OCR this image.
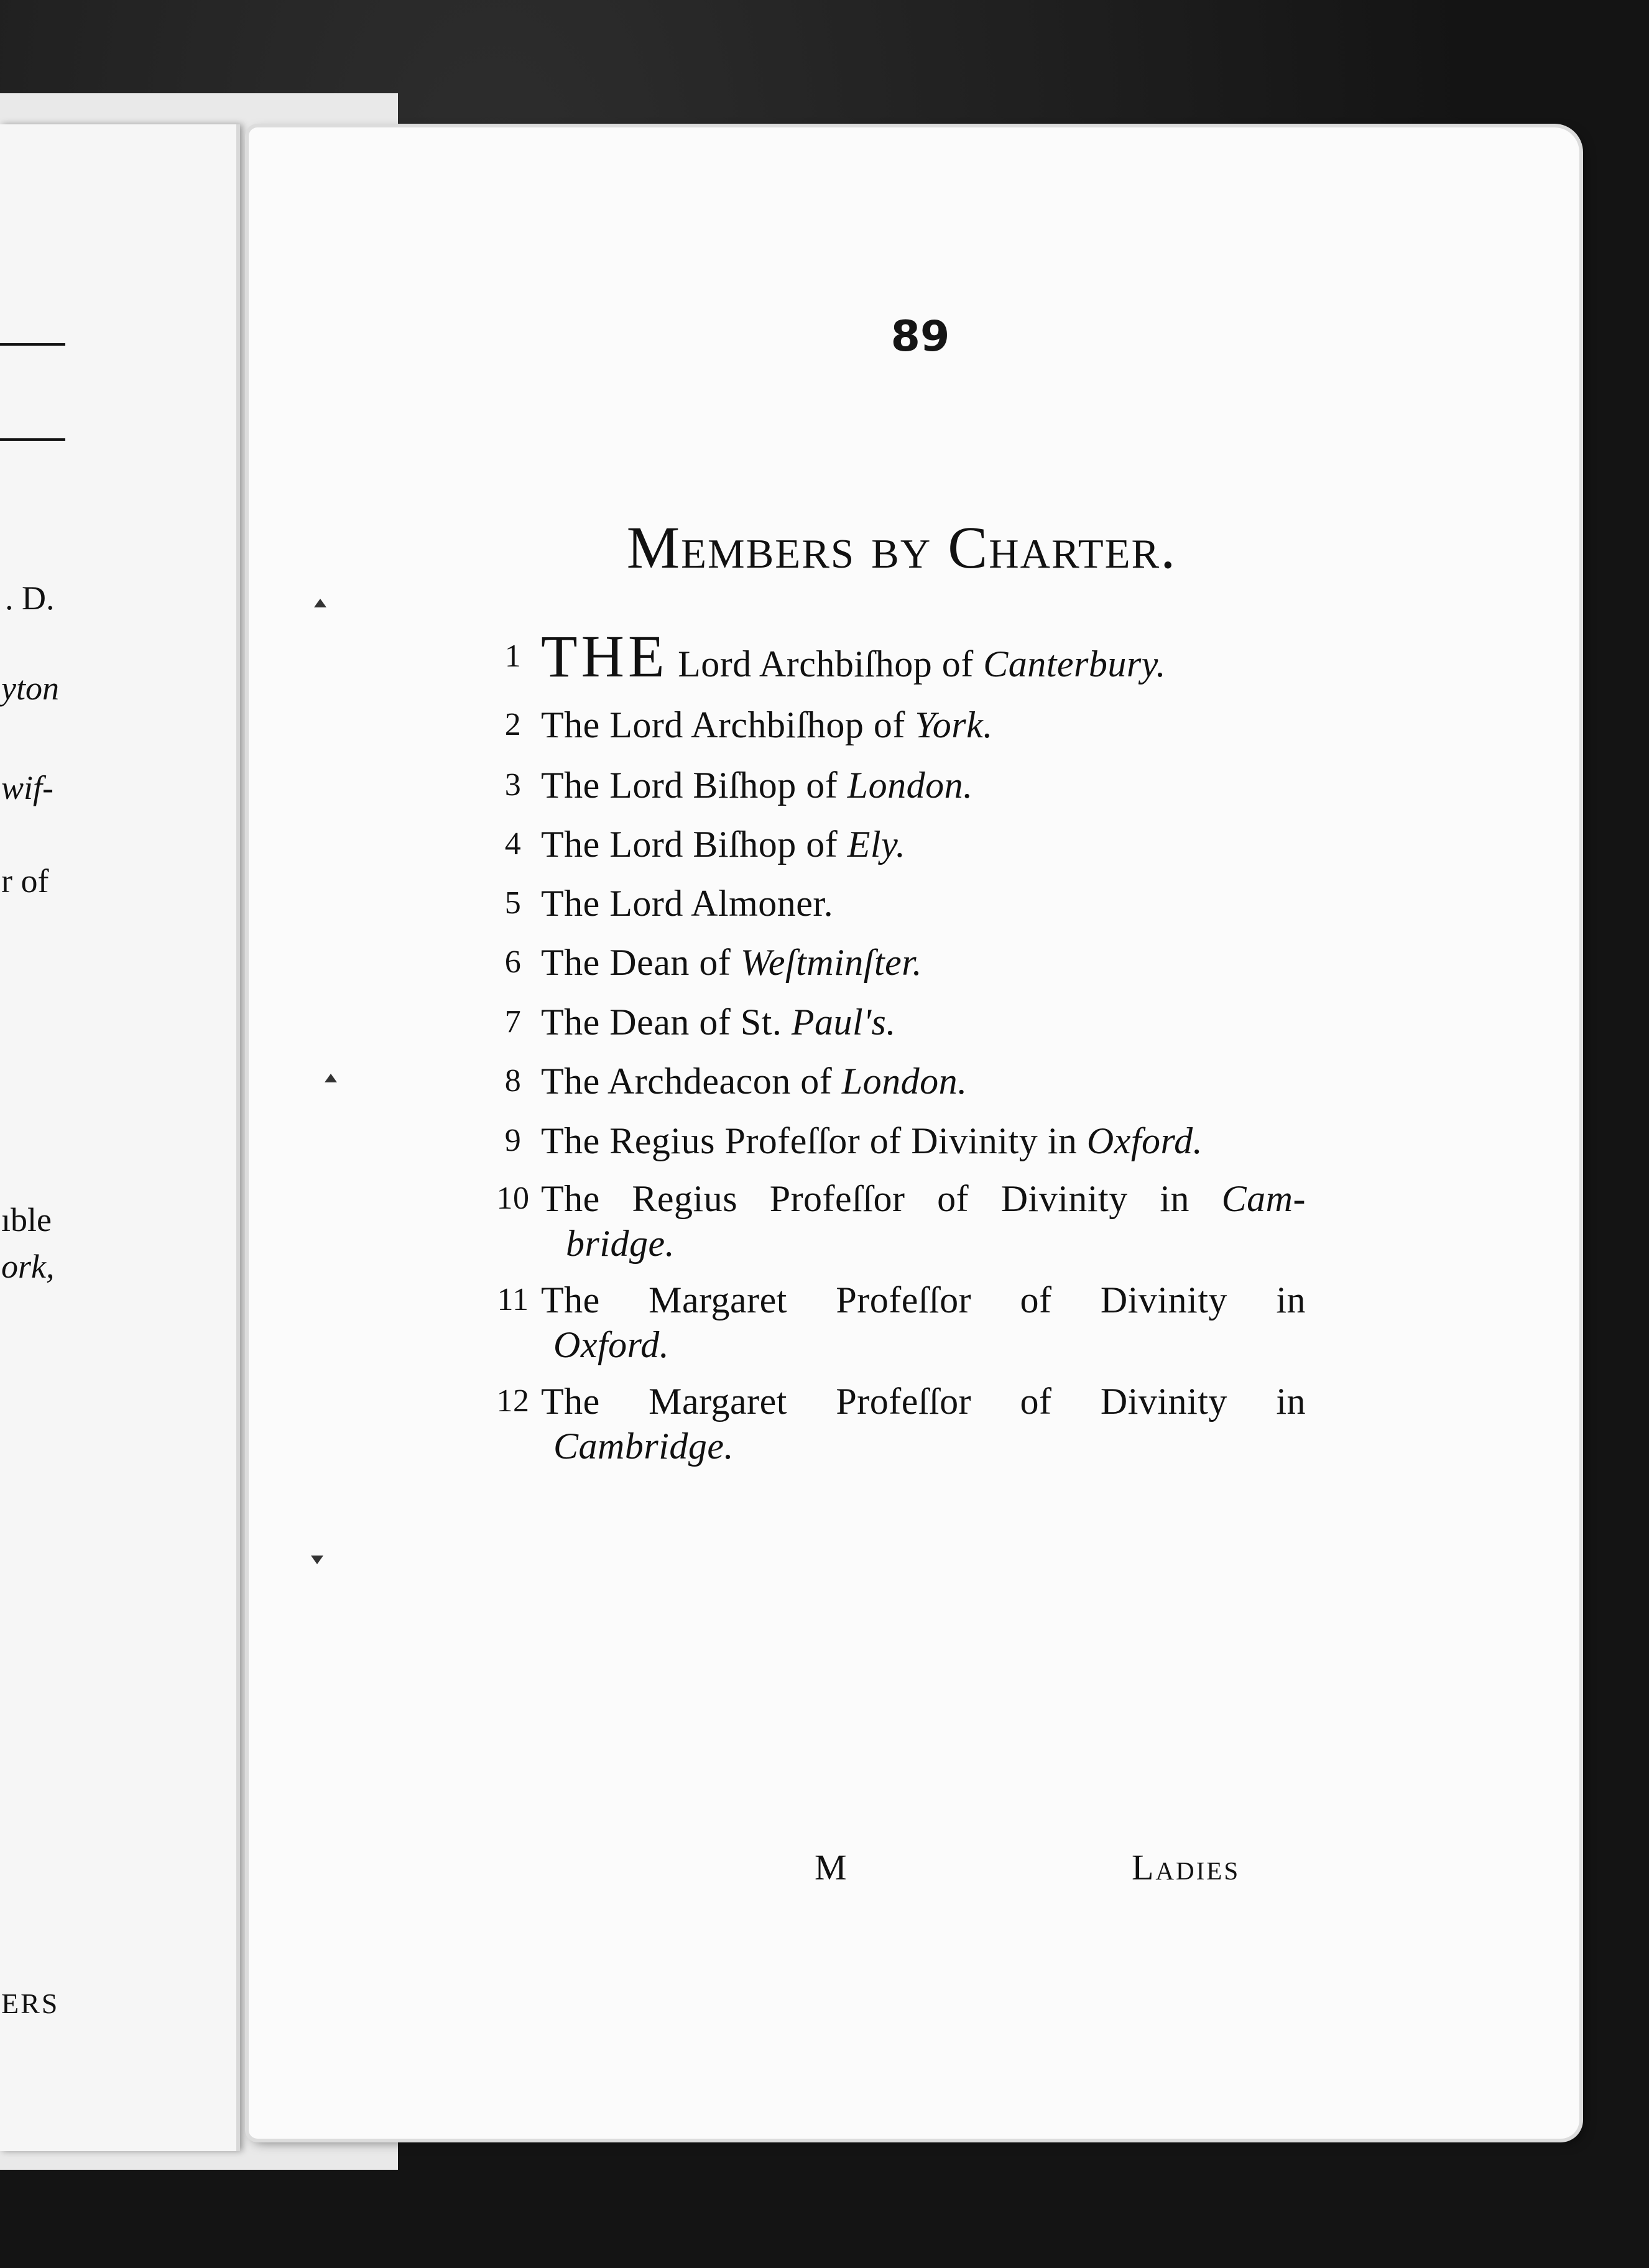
. D.
yton
wif-
r of
ıble
ork,
ERS
89
Members by Charter.
1 THE Lord Archbiſhop of Canterbury.
2 The Lord Archbiſhop of York.
3 The Lord Biſhop of London.
4 The Lord Biſhop of Ely.
5 The Lord Almoner.
6 The Dean of Weſtminſter.
7 The Dean of St. Paul's.
8 The Archdeacon of London.
9 The Regius Profeſſor of Divinity in Oxford.
10 The Regius Profeſſor of Divinity in Cam-
bridge.
11 The Margaret Profeſſor of Divinity in
Oxford.
12 The Margaret Profeſſor of Divinity in
Cambridge.
M	Ladies
